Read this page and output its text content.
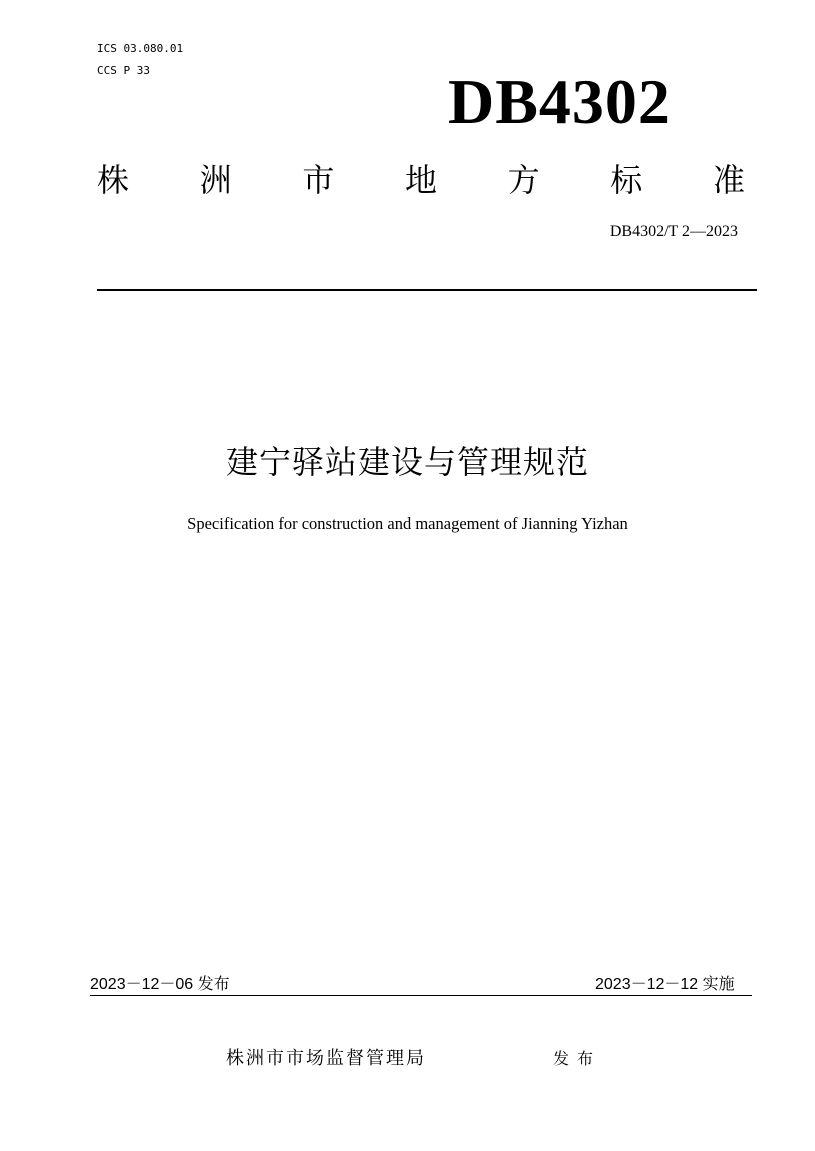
ICS 03.080.01
CCS P 33	DB4302
株 洲 市 地 方 标 准
DB4302/T 2—2023
建宁驿站建设与管理规范
Specification for construction and management of Jianning Yizhan
2023－12－06 发布	2023－12－12 实施
株洲市市场监督管理局	发布
